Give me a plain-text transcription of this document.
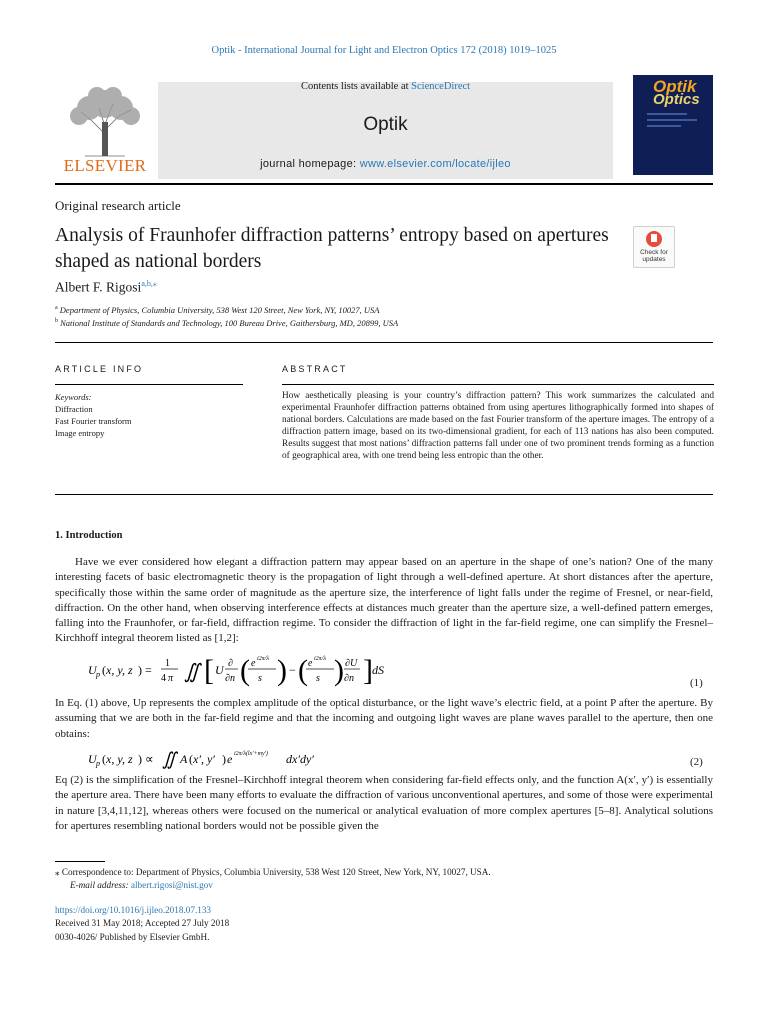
Optik - International Journal for Light and Electron Optics 172 (2018) 1019–1025
ELSEVIER
Contents lists available at ScienceDirect
Optik
journal homepage: www.elsevier.com/locate/ijleo
Optik
Optics
Original research article
Analysis of Fraunhofer diffraction patterns’ entropy based on apertures shaped as national borders	Check for updates
Albert F. Rigosi$^{a,b,⁎}$
$^a$ Department of Physics, Columbia University, 538 West 120 Street, New York, NY, 10027, USA
$^b$ National Institute of Standards and Technology, 100 Bureau Drive, Gaithersburg, MD, 20899, USA
ARTICLE INFO
Keywords:
Diffraction
Fast Fourier transform
Image entropy
ABSTRACT
How aesthetically pleasing is your country’s diffraction pattern? This work summarizes the calculated and experimental Fraunhofer diffraction patterns obtained from using apertures lithographically formed into shapes of national borders. Calculations are made based on the fast Fourier transform of the aperture images. The entropy of a diffraction pattern image, based on its two-dimensional gradient, for each of 113 nations has also been computed. Results suggest that most nations’ diffraction patterns fall under one of two prominent trends forming as a function of geographical area, with one trend being less entropic than the other.
1. Introduction
Have we ever considered how elegant a diffraction pattern may appear based on an aperture in the shape of one’s nation? One of the many interesting facets of basic electromagnetic theory is the propagation of light through a well-defined aperture. At short distances after the aperture, specifically those within the same order of magnitude as the aperture size, the interference of light falls under the regime of Fresnel, or near-field, diffraction. On the other hand, when observing interference effects at distances much greater than the aperture size, a well-defined pattern emerges, falling into the Fraunhofer, or far-field, diffraction regime. To consider the diffraction of light in the far-field regime, one can simplify the Fresnel–Kirchhoff integral theorem listed as [1,2]:
U p ( x, y, z ) = 1
4 π ∬ [ U ∂
∂n ( e i2π/λ
s ) − ( e i2π/λ
s ) ∂U
∂n ] dS
(1)
In Eq. (1) above, Up represents the complex amplitude of the optical disturbance, or the light wave’s electric field, at a point P after the aperture. By assuming that we are both in the far-field regime and that the incoming and outgoing light waves are plane waves parallel to the aperture, then one obtains:
U p ( x, y, z ) ∝ ∬ A ( x′, y′ ) e i2π/λ(lx′+my′) dx′dy′	(2)
Eq (2) is the simplification of the Fresnel–Kirchhoff integral theorem when considering far-field effects only, and the function A(x′, y′) is essentially the aperture area. There have been many efforts to evaluate the diffraction of various unconventional apertures, and some of those were experimental in nature [3,4,11,12], whereas others were focused on the numerical or analytical evaluation of more complex apertures [5–8]. Analytical solutions for apertures resembling national borders would not be possible given the
⁎ Correspondence to: Department of Physics, Columbia University, 538 West 120 Street, New York, NY, 10027, USA.
E-mail address: albert.rigosi@nist.gov
https://doi.org/10.1016/j.ijleo.2018.07.133
Received 31 May 2018; Accepted 27 July 2018
0030-4026/ Published by Elsevier GmbH.
